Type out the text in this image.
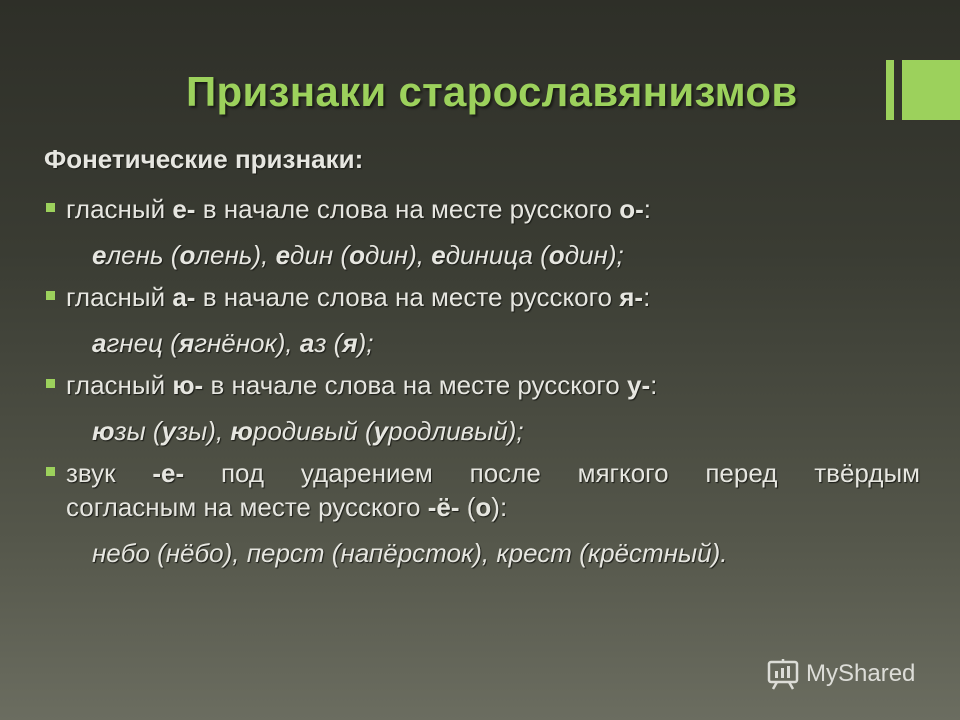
Признаки старославянизмов
Фонетические признаки:
гласный е- в начале слова на месте русского о-:
елень (олень), един (один), единица (один);
гласный а- в начале слова на месте русского я-:
агнец (ягнёнок), аз (я);
гласный ю- в начале слова на месте русского у-:
юзы (узы), юродивый (уродливый);
звук -е- под ударением после мягкого перед твёрдым
согласным на месте русского -ё- (о):
небо (нёбо), перст (напёрсток), крест (крёстный).
MyShared
